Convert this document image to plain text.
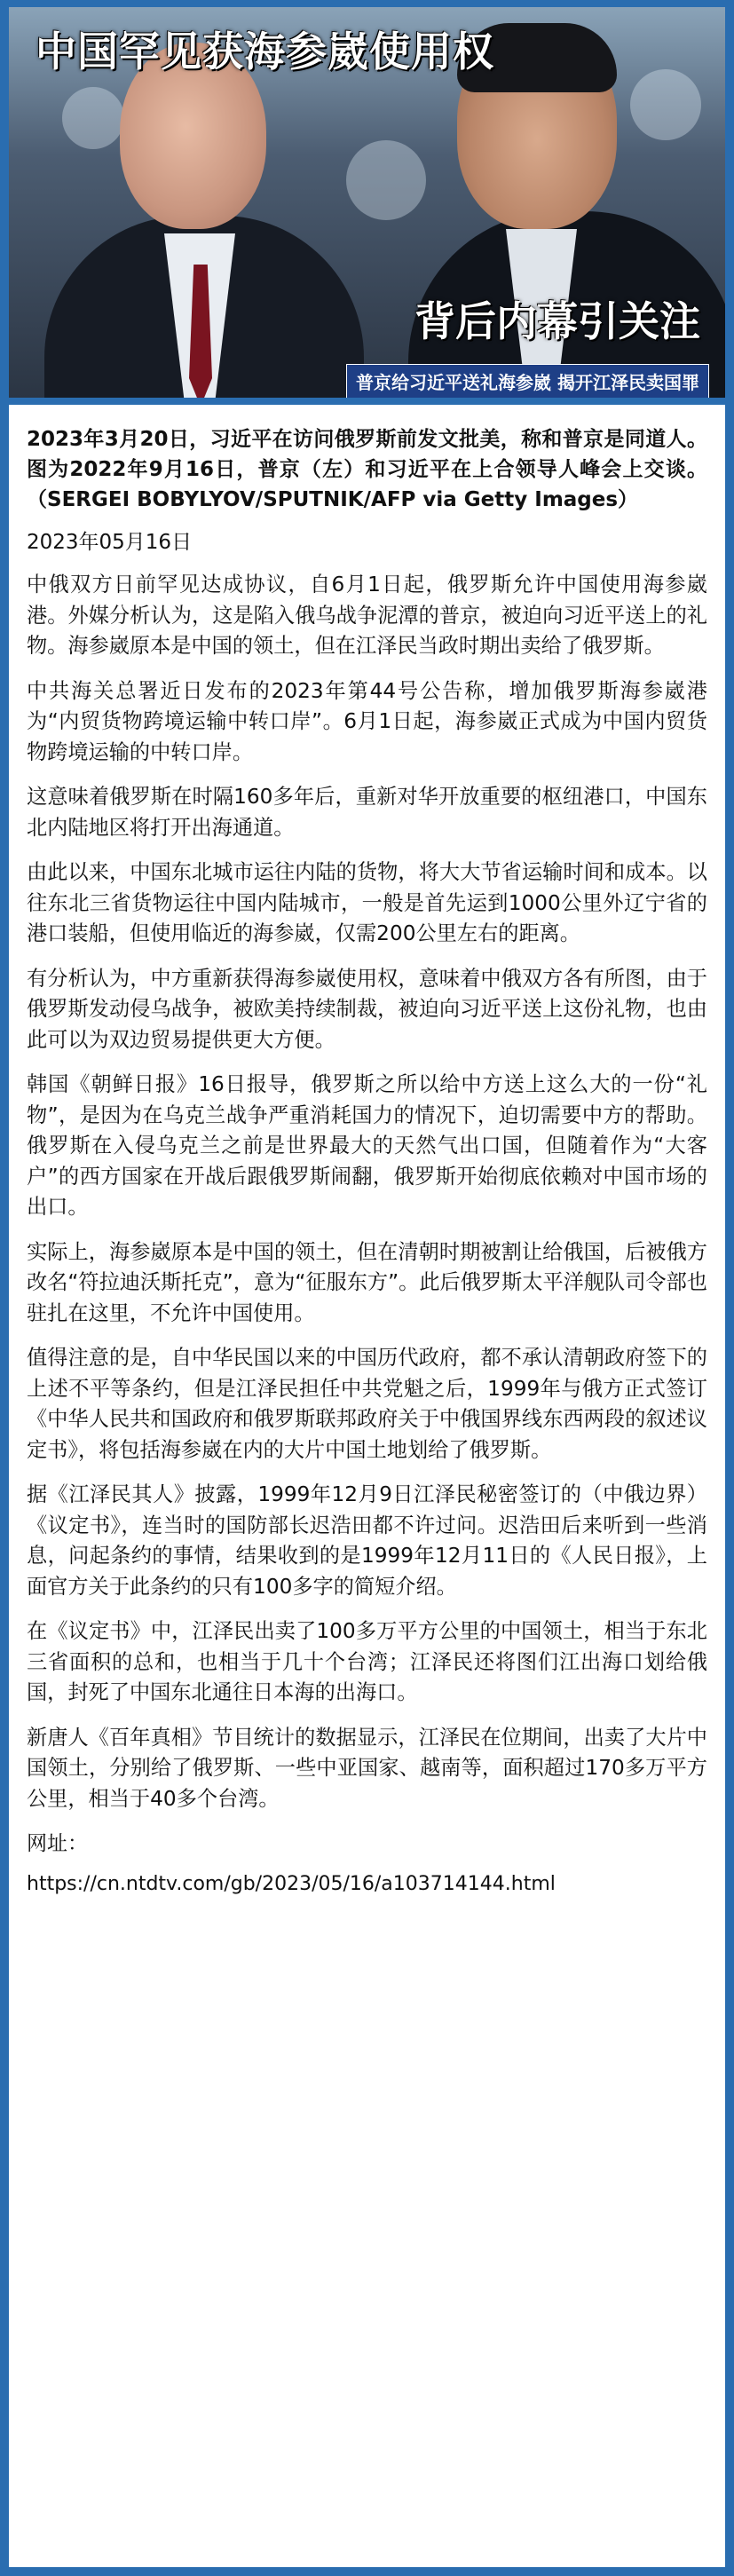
中国罕见获海参崴使用权
背后内幕引关注
普京给习近平送礼海参崴 揭开江泽民卖国罪

2023年3月20日，习近平在访问俄罗斯前发文批美，称和普京是同道人。图为2022年9月16日，普京（左）和习近平在上合领导人峰会上交谈。（SERGEI BOBYLYOV/SPUTNIK/AFP via Getty Images）

2023年05月16日

中俄双方日前罕见达成协议，自6月1日起，俄罗斯允许中国使用海参崴港。外媒分析认为，这是陷入俄乌战争泥潭的普京，被迫向习近平送上的礼物。海参崴原本是中国的领土，但在江泽民当政时期出卖给了俄罗斯。

中共海关总署近日发布的2023年第44号公告称，增加俄罗斯海参崴港为“内贸货物跨境运输中转口岸”。6月1日起，海参崴正式成为中国内贸货物跨境运输的中转口岸。

这意味着俄罗斯在时隔160多年后，重新对华开放重要的枢纽港口，中国东北内陆地区将打开出海通道。

由此以来，中国东北城市运往内陆的货物，将大大节省运输时间和成本。以往东北三省货物运往中国内陆城市，一般是首先运到1000公里外辽宁省的港口装船，但使用临近的海参崴，仅需200公里左右的距离。

有分析认为，中方重新获得海参崴使用权，意味着中俄双方各有所图，由于俄罗斯发动侵乌战争，被欧美持续制裁，被迫向习近平送上这份礼物，也由此可以为双边贸易提供更大方便。

韩国《朝鲜日报》16日报导，俄罗斯之所以给中方送上这么大的一份“礼物”，是因为在乌克兰战争严重消耗国力的情况下，迫切需要中方的帮助。俄罗斯在入侵乌克兰之前是世界最大的天然气出口国，但随着作为“大客户”的西方国家在开战后跟俄罗斯闹翻，俄罗斯开始彻底依赖对中国市场的出口。

实际上，海参崴原本是中国的领土，但在清朝时期被割让给俄国，后被俄方改名“符拉迪沃斯托克”，意为“征服东方”。此后俄罗斯太平洋舰队司令部也驻扎在这里，不允许中国使用。

值得注意的是，自中华民国以来的中国历代政府，都不承认清朝政府签下的上述不平等条约，但是江泽民担任中共党魁之后，1999年与俄方正式签订《中华人民共和国政府和俄罗斯联邦政府关于中俄国界线东西两段的叙述议定书》，将包括海参崴在内的大片中国土地划给了俄罗斯。

据《江泽民其人》披露，1999年12月9日江泽民秘密签订的（中俄边界）《议定书》，连当时的国防部长迟浩田都不许过问。迟浩田后来听到一些消息，问起条约的事情，结果收到的是1999年12月11日的《人民日报》，上面官方关于此条约的只有100多字的简短介绍。

在《议定书》中，江泽民出卖了100多万平方公里的中国领土，相当于东北三省面积的总和，也相当于几十个台湾；江泽民还将图们江出海口划给俄国，封死了中国东北通往日本海的出海口。

新唐人《百年真相》节目统计的数据显示，江泽民在位期间，出卖了大片中国领土，分别给了俄罗斯、一些中亚国家、越南等，面积超过170多万平方公里，相当于40多个台湾。

网址：

https://cn.ntdtv.com/gb/2023/05/16/a103714144.html
